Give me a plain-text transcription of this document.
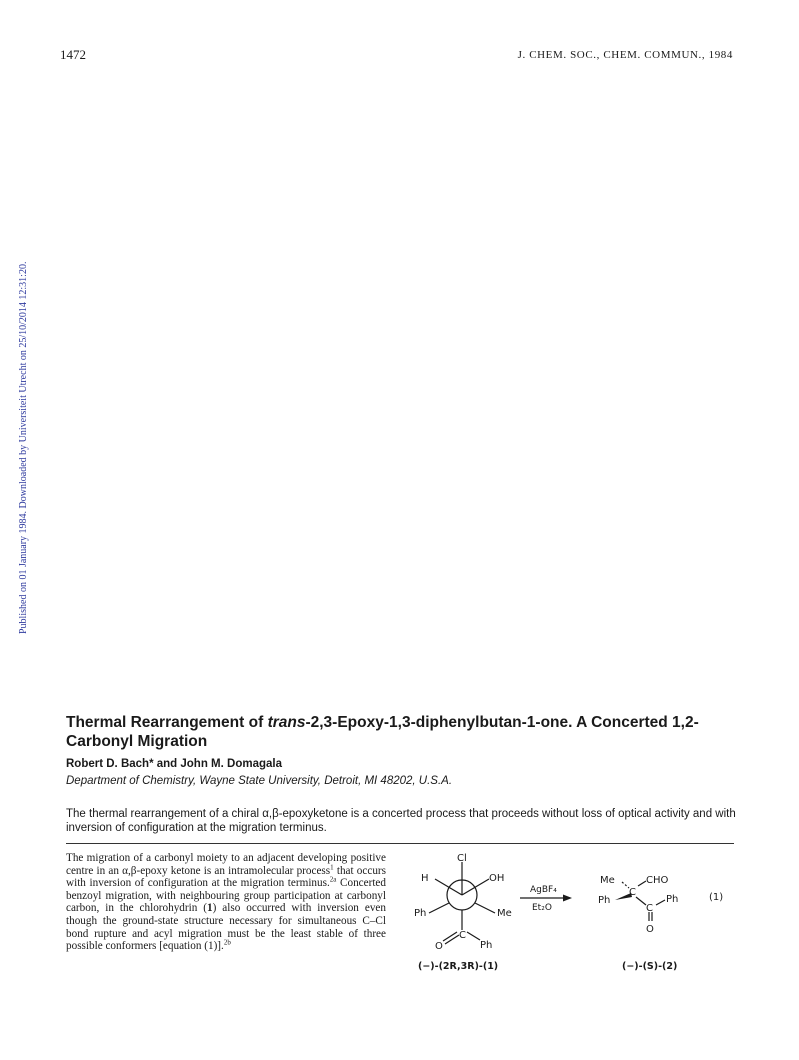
1472	J. CHEM. SOC., CHEM. COMMUN., 1984
Published on 01 January 1984. Downloaded by Universiteit Utrecht on 25/10/2014 12:31:20.
Thermal Rearrangement of trans-2,3-Epoxy-1,3-diphenylbutan-1-one. A Concerted 1,2-Carbonyl Migration
Robert D. Bach* and John M. Domagala
Department of Chemistry, Wayne State University, Detroit, MI 48202, U.S.A.
The thermal rearrangement of a chiral α,β-epoxyketone is a concerted process that proceeds without loss of optical activity and with inversion of configuration at the migration terminus.
The migration of a carbonyl moiety to an adjacent developing positive centre in an α,β-epoxy ketone is an intramolecular process$^1$ that occurs with inversion of configuration at the migration terminus.$^{2a}$ Concerted benzoyl migration, with neighbouring group participation at carbonyl carbon, in the chlorohydrin (1) also occurred with inversion even though the ground-state structure necessary for simultaneous C–Cl bond rupture and acyl migration must be the least stable of three possible conformers [equation (1)].$^{2b}$
Cl
H	OH
Ph	Me
C
O	Ph
AgBF₄
Et₂O
Me
C
CHO
Ph
C
Ph
O
(1)
(−)-(2R,3R)-(1)	(−)-(S)-(2)
